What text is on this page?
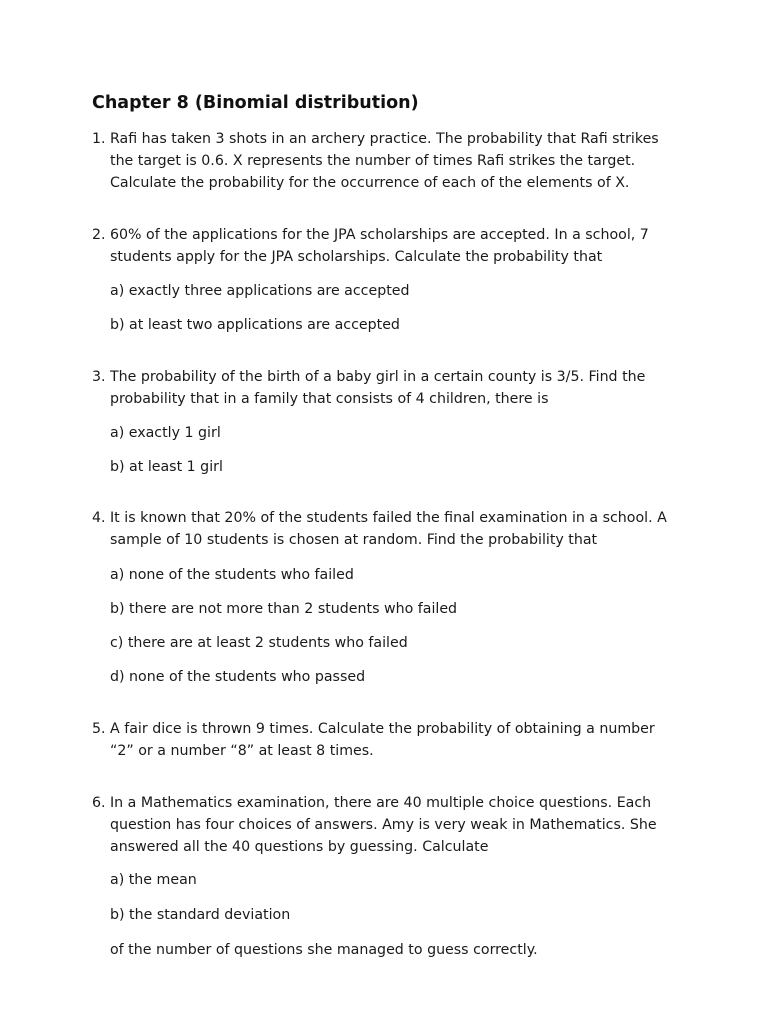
Chapter 8 (Binomial distribution)
1. Rafi has taken 3 shots in an archery practice. The probability that Rafi strikes the target is 0.6. X represents the number of times Rafi strikes the target. Calculate the probability for the occurrence of each of the elements of X.
2. 60% of the applications for the JPA scholarships are accepted. In a school, 7 students apply for the JPA scholarships. Calculate the probability that
a) exactly three applications are accepted
b) at least two applications are accepted
3. The probability of the birth of a baby girl in a certain county is 3/5. Find the probability that in a family that consists of 4 children, there is
a) exactly 1 girl
b) at least 1 girl
4. It is known that 20% of the students failed the final examination in a school. A sample of 10 students is chosen at random. Find the probability that
a) none of the students who failed
b) there are not more than 2 students who failed
c) there are at least 2 students who failed
d) none of the students who passed
5. A fair dice is thrown 9 times. Calculate the probability of obtaining a number “2” or a number “8” at least 8 times.
6. In a Mathematics examination, there are 40 multiple choice questions. Each question has four choices of answers. Amy is very weak in Mathematics. She answered all the 40 questions by guessing. Calculate
a) the mean
b) the standard deviation
of the number of questions she managed to guess correctly.
